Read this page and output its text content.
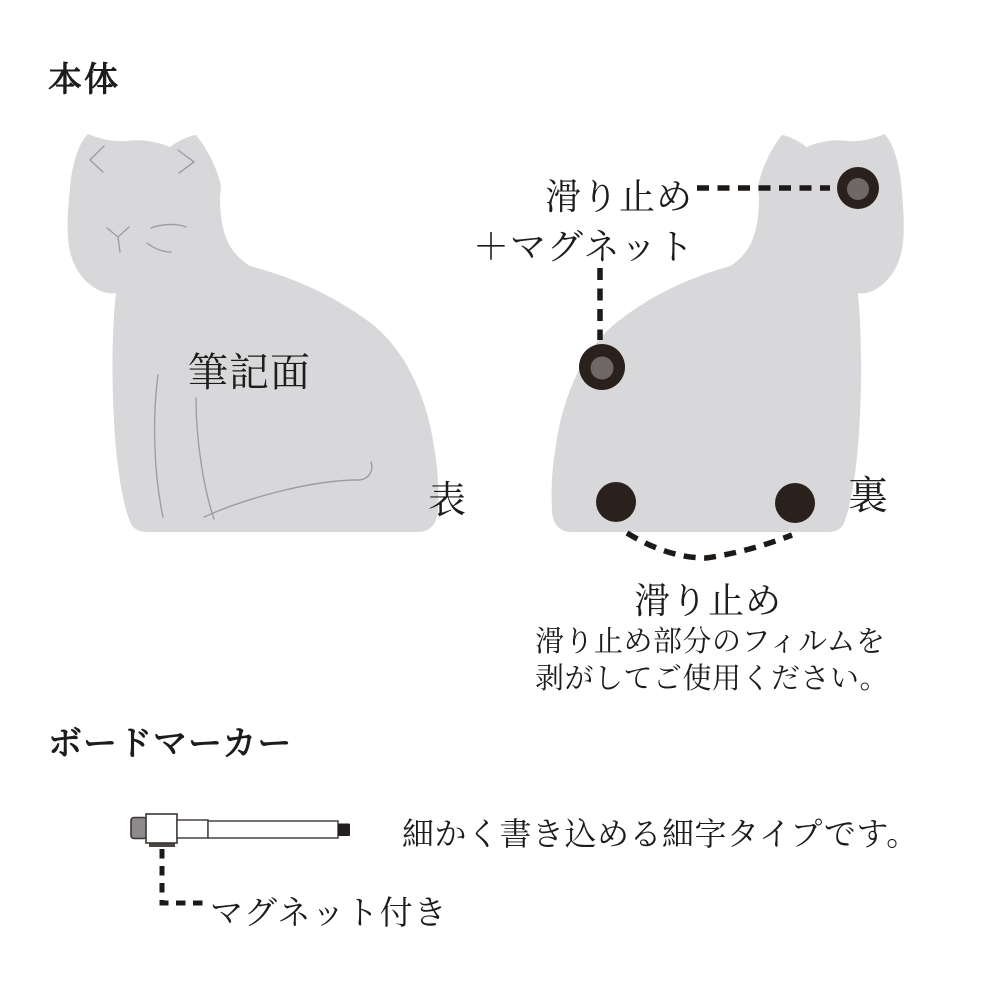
本体
筆記面
表	裏
滑り止め
＋マグネット
滑り止め
滑り止め部分のフィルムを
剥がしてご使用ください。
ボードマーカー
細かく書き込める細字タイプです。
マグネット付き
